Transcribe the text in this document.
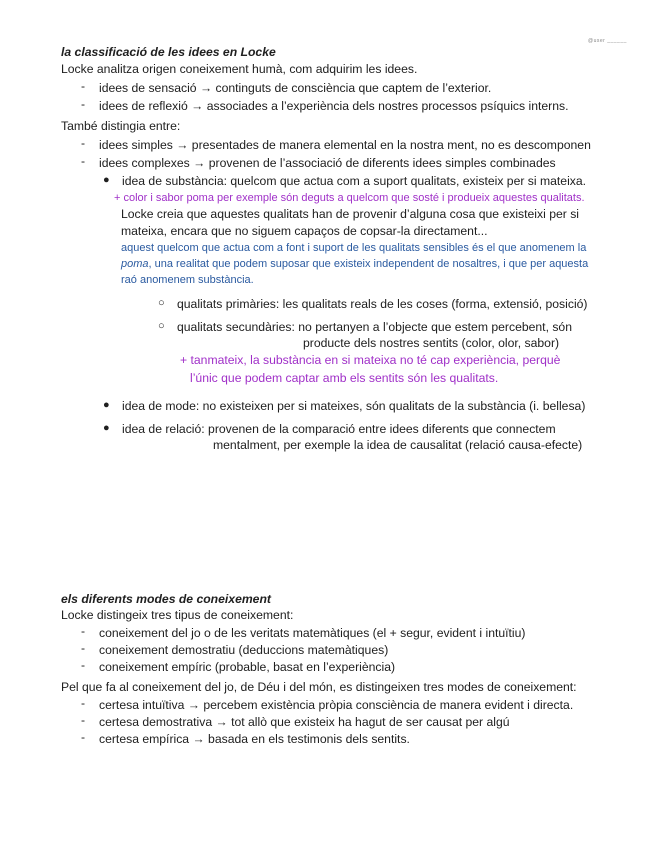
@user ______
la classificació de les idees en Locke
Locke analitza origen coneixement humà, com adquirim les idees.
- idees de sensació → continguts de consciència que captem de l’exterior.
- idees de reflexió → associades a l’experiència dels nostres processos psíquics interns.
També distingia entre:
- idees simples → presentades de manera elemental en la nostra ment, no es descomponen
- idees complexes → provenen de l’associació de diferents idees simples combinades
● idea de substància: quelcom que actua com a suport qualitats, existeix per si mateixa.
+ color i sabor poma per exemple són deguts a quelcom que sosté i produeix aquestes qualitats.
Locke creia que aquestes qualitats han de provenir d’alguna cosa que existeixi per si
mateixa, encara que no siguem capaços de copsar-la directament...
aquest quelcom que actua com a font i suport de les qualitats sensibles és el que anomenem la
poma, una realitat que podem suposar que existeix independent de nosaltres, i que per aquesta
raó anomenem substància.
○ qualitats primàries: les qualitats reals de les coses (forma, extensió, posició)
○ qualitats secundàries: no pertanyen a l’objecte que estem percebent, són
producte dels nostres sentits (color, olor, sabor)
+ tanmateix, la substància en si mateixa no té cap experiència, perquè
l’únic que podem captar amb els sentits són les qualitats.
● idea de mode: no existeixen per si mateixes, són qualitats de la substància (i. bellesa)
● idea de relació: provenen de la comparació entre idees diferents que connectem
mentalment, per exemple la idea de causalitat (relació causa-efecte)
els diferents modes de coneixement
Locke distingeix tres tipus de coneixement:
- coneixement del jo o de les veritats matemàtiques (el + segur, evident i intuïtiu)
- coneixement demostratiu (deduccions matemàtiques)
- coneixement empíric (probable, basat en l’experiència)
Pel que fa al coneixement del jo, de Déu i del món, es distingeixen tres modes de coneixement:
- certesa intuïtiva → percebem existència pròpia consciència de manera evident i directa.
- certesa demostrativa → tot allò que existeix ha hagut de ser causat per algú
- certesa empírica → basada en els testimonis dels sentits.
